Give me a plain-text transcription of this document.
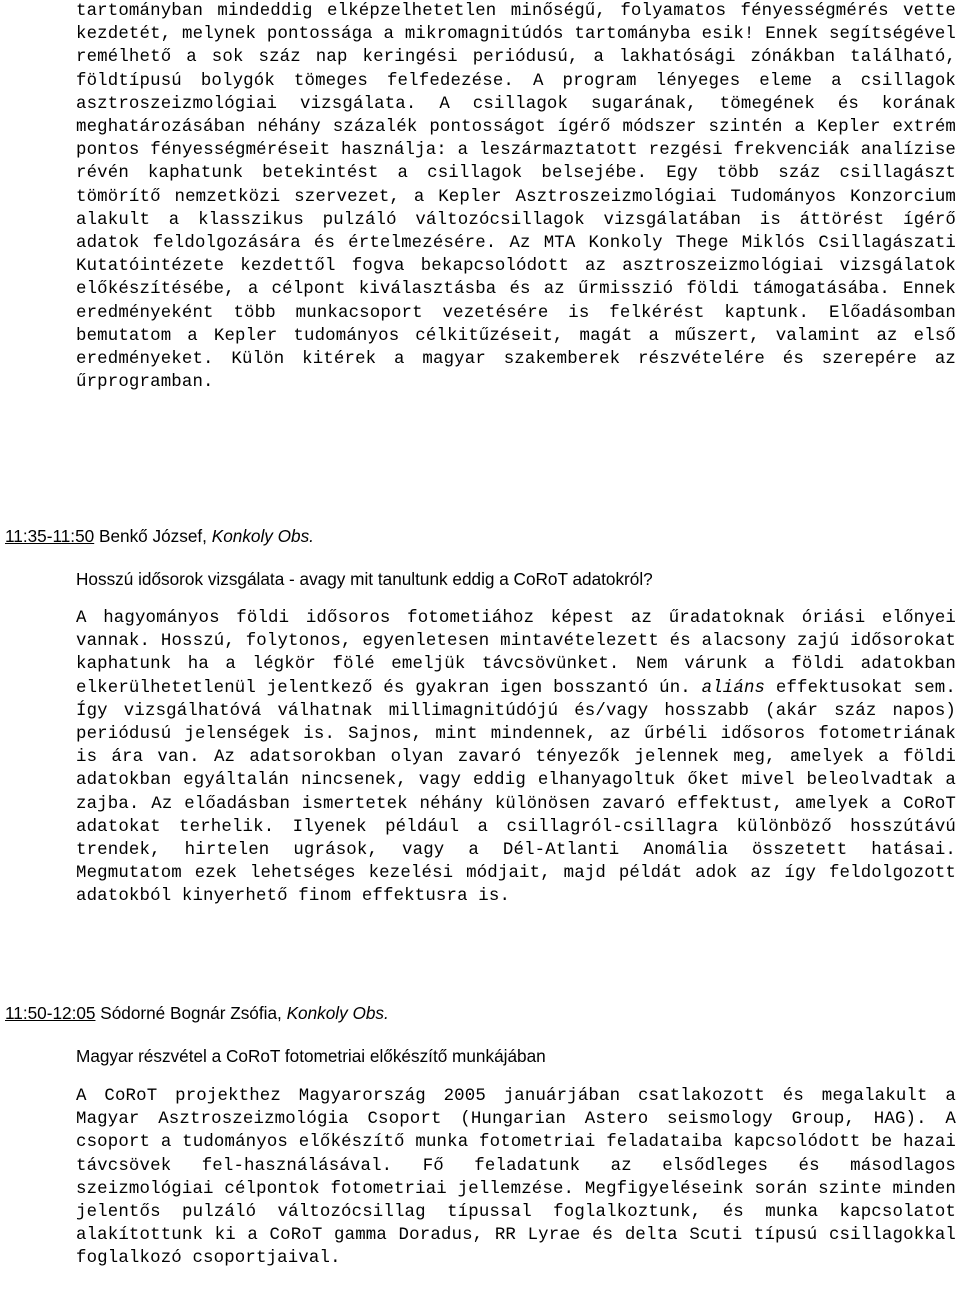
tartományban mindeddig elképzelhetetlen minőségű, folyamatos fényességmérés vette kezdetét, melynek pontossága a mikromagnitúdós tartományba esik! Ennek segítségével remélhető a sok száz nap keringési periódusú, a lakhatósági zónákban található, földtípusú bolygók tömeges felfedezése. A program lényeges eleme a csillagok asztroszeizmológiai vizsgálata. A csillagok sugarának, tömegének és korának meghatározásában néhány százalék pontosságot ígérő módszer szintén a Kepler extrém pontos fényességméréseit használja: a leszármaztatott rezgési frekvenciák analízise révén kaphatunk betekintést a csillagok belsejébe. Egy több száz csillagászt tömörítő nemzetközi szervezet, a Kepler Asztroszeizmológiai Tudományos Konzorcium alakult a klasszikus pulzáló változócsillagok vizsgálatában is áttörést ígérő adatok feldolgozására és értelmezésére. Az MTA Konkoly Thege Miklós Csillagászati Kutatóintézete kezdettől fogva bekapcsolódott az asztroszeizmológiai vizsgálatok előkészítésébe, a célpont kiválasztásba és az űrmisszió földi támogatásába. Ennek eredményeként több munkacsoport vezetésére is felkérést kaptunk. Előadásomban bemutatom a Kepler tudományos célkitűzéseit, magát a műszert, valamint az első eredményeket. Külön kitérek a magyar szakemberek részvételére és szerepére az űrprogramban.

11:35-11:50 Benkő József, Konkoly Obs.

Hosszú idősorok vizsgálata - avagy mit tanultunk eddig a CoRoT adatokról?

A hagyományos földi idősoros fotometiához képest az űradatoknak óriási előnyei vannak. Hosszú, folytonos, egyenletesen mintavételezett és alacsony zajú idősorokat kaphatunk ha a légkör fölé emeljük távcsövünket. Nem várunk a földi adatokban elkerülhetetlenül jelentkező és gyakran igen bosszantó ún. aliáns effektusokat sem. Így vizsgálhatóvá válhatnak millimagnitúdójú és/vagy hosszabb (akár száz napos) periódusú jelenségek is. Sajnos, mint mindennek, az űrbéli idősoros fotometriának is ára van. Az adatsorokban olyan zavaró tényezők jelennek meg, amelyek a földi adatokban egyáltalán nincsenek, vagy eddig elhanyagoltuk őket mivel beleolvadtak a zajba. Az előadásban ismertetek néhány különösen zavaró effektust, amelyek a CoRoT adatokat terhelik. Ilyenek például a csillagról-csillagra különböző hosszútávú trendek, hirtelen ugrások, vagy a Dél-Atlanti Anomália összetett hatásai. Megmutatom ezek lehetséges kezelési módjait, majd példát adok az így feldolgozott adatokból kinyerhető finom effektusra is.

11:50-12:05 Sódorné Bognár Zsófia, Konkoly Obs.

Magyar részvétel a CoRoT fotometriai előkészítő munkájában

A CoRoT projekthez Magyarország 2005 januárjában csatlakozott és megalakult a Magyar Asztroszeizmológia Csoport (Hungarian Astero seismology Group, HAG). A csoport a tudományos előkészítő munka fotometriai feladataiba kapcsolódott be hazai távcsövek fel-használásával. Fő feladatunk az elsődleges és másodlagos szeizmológiai célpontok fotometriai jellemzése. Megfigyeléseink során szinte minden jelentős pulzáló változócsillag típussal foglalkoztunk, és munka kapcsolatot alakítottunk ki a CoRoT gamma Doradus, RR Lyrae és delta Scuti típusú csillagokkal foglalkozó csoportjaival.
